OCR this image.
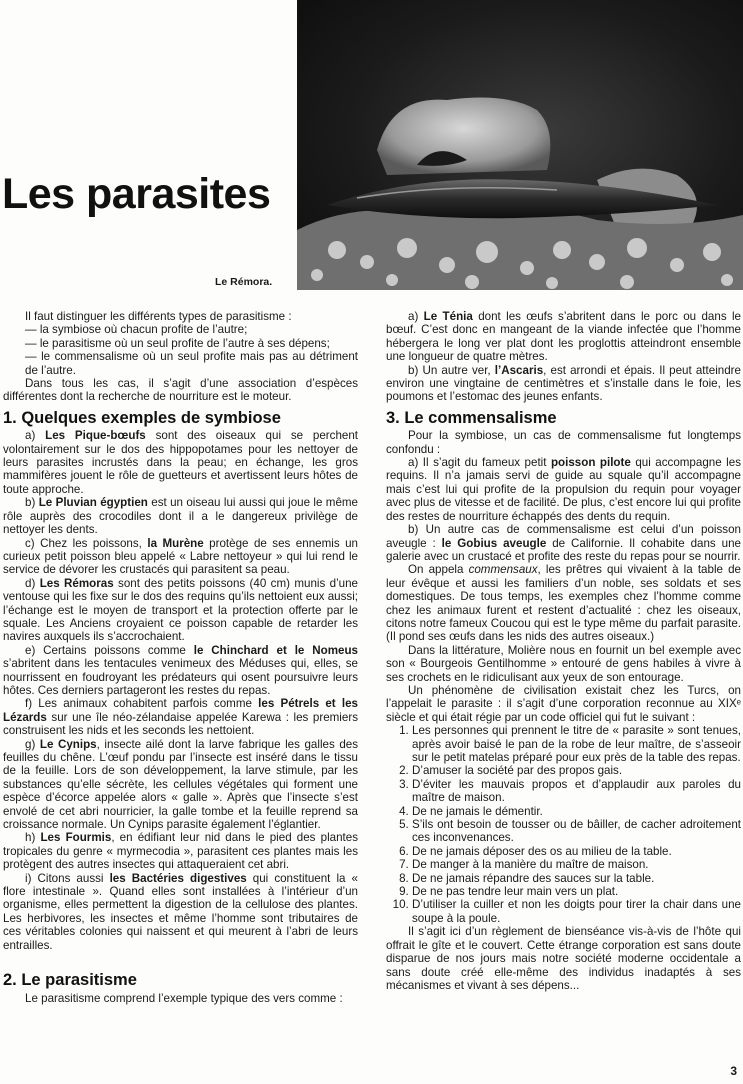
Les parasites
Le Rémora.

Il faut distinguer les différents types de parasitisme :

— la symbiose où chacun profite de l’autre;

— le parasitisme où un seul profite de l’autre à ses dépens;

— le commensalisme où un seul profite mais pas au détriment de l’autre.

Dans tous les cas, il s’agit d’une association d’espèces différentes dont la recherche de nourriture est le moteur.

1. Quelques exemples de symbiose

a) Les Pique-bœufs sont des oiseaux qui se perchent volontairement sur le dos des hippopotames pour les nettoyer de leurs parasites incrustés dans la peau; en échange, les gros mammifères jouent le rôle de guetteurs et avertissent leurs hôtes de toute approche.

b) Le Pluvian égyptien est un oiseau lui aussi qui joue le même rôle auprès des crocodiles dont il a le dangereux privilège de nettoyer les dents.

c) Chez les poissons, la Murène protège de ses ennemis un curieux petit poisson bleu appelé « Labre nettoyeur » qui lui rend le service de dévorer les crustacés qui parasitent sa peau.

d) Les Rémoras sont des petits poissons (40 cm) munis d’une ventouse qui les fixe sur le dos des requins qu’ils nettoient eux aussi; l’échange est le moyen de transport et la protection offerte par le squale. Les Anciens croyaient ce poisson capable de retarder les navires auxquels ils s’accrochaient.

e) Certains poissons comme le Chinchard et le Nomeus s’abritent dans les tentacules venimeux des Méduses qui, elles, se nourrissent en foudroyant les prédateurs qui osent poursuivre leurs hôtes. Ces derniers partageront les restes du repas.

f) Les animaux cohabitent parfois comme les Pétrels et les Lézards sur une île néo-zélandaise appelée Karewa : les premiers construisent les nids et les seconds les nettoient.

g) Le Cynips, insecte ailé dont la larve fabrique les galles des feuilles du chêne. L’œuf pondu par l’insecte est inséré dans le tissu de la feuille. Lors de son développement, la larve stimule, par les substances qu’elle sécrète, les cellules végétales qui forment une espèce d’écorce appelée alors « galle ». Après que l’insecte s’est envolé de cet abri nourricier, la galle tombe et la feuille reprend sa croissance normale. Un Cynips parasite également l’églantier.

h) Les Fourmis, en édifiant leur nid dans le pied des plantes tropicales du genre « myrmecodia », parasitent ces plantes mais les protègent des autres insectes qui attaqueraient cet abri.

i) Citons aussi les Bactéries digestives qui constituent la « flore intestinale ». Quand elles sont installées à l’intérieur d’un organisme, elles permettent la digestion de la cellulose des plantes. Les herbivores, les insectes et même l’homme sont tributaires de ces véritables colonies qui naissent et qui meurent à l’abri de leurs entrailles.

2. Le parasitisme

Le parasitisme comprend l’exemple typique des vers comme :

a) Le Ténia dont les œufs s’abritent dans le porc ou dans le bœuf. C’est donc en mangeant de la viande infectée que l’homme hébergera le long ver plat dont les proglottis atteindront ensemble une longueur de quatre mètres.

b) Un autre ver, l’Ascaris, est arrondi et épais. Il peut atteindre environ une vingtaine de centimètres et s’installe dans le foie, les poumons et l’estomac des jeunes enfants.

3. Le commensalisme

Pour la symbiose, un cas de commensalisme fut longtemps confondu :

a) Il s’agit du fameux petit poisson pilote qui accompagne les requins. Il n’a jamais servi de guide au squale qu’il accompagne mais c’est lui qui profite de la propulsion du requin pour voyager avec plus de vitesse et de facilité. De plus, c’est encore lui qui profite des restes de nourriture échappés des dents du requin.

b) Un autre cas de commensalisme est celui d’un poisson aveugle : le Gobius aveugle de Californie. Il cohabite dans une galerie avec un crustacé et profite des reste du repas pour se nourrir.

On appela commensaux, les prêtres qui vivaient à la table de leur évêque et aussi les familiers d’un noble, ses soldats et ses domestiques. De tous temps, les exemples chez l’homme comme chez les animaux furent et restent d’actualité : chez les oiseaux, citons notre fameux Coucou qui est le type même du parfait parasite. (Il pond ses œufs dans les nids des autres oiseaux.)

Dans la littérature, Molière nous en fournit un bel exemple avec son « Bourgeois Gentilhomme » entouré de gens habiles à vivre à ses crochets en le ridiculisant aux yeux de son entourage.

Un phénomène de civilisation existait chez les Turcs, on l’appelait le parasite : il s’agit d’une corporation reconnue au XIXᵉ siècle et qui était régie par un code officiel qui fut le suivant :

1. Les personnes qui prennent le titre de « parasite » sont tenues, après avoir baisé le pan de la robe de leur maître, de s’asseoir sur le petit matelas préparé pour eux près de la table des repas.
2. D’amuser la société par des propos gais.
3. D’éviter les mauvais propos et d’applaudir aux paroles du maître de maison.
4. De ne jamais le démentir.
5. S’ils ont besoin de tousser ou de bâiller, de cacher adroitement ces inconvenances.
6. De ne jamais déposer des os au milieu de la table.
7. De manger à la manière du maître de maison.
8. De ne jamais répandre des sauces sur la table.
9. De ne pas tendre leur main vers un plat.
10. D’utiliser la cuiller et non les doigts pour tirer la chair dans une soupe à la poule.

Il s’agit ici d’un règlement de bienséance vis-à-vis de l’hôte qui offrait le gîte et le couvert. Cette étrange corporation est sans doute disparue de nos jours mais notre société moderne occidentale a sans doute créé elle-même des individus inadaptés à ses mécanismes et vivant à ses dépens...

3
